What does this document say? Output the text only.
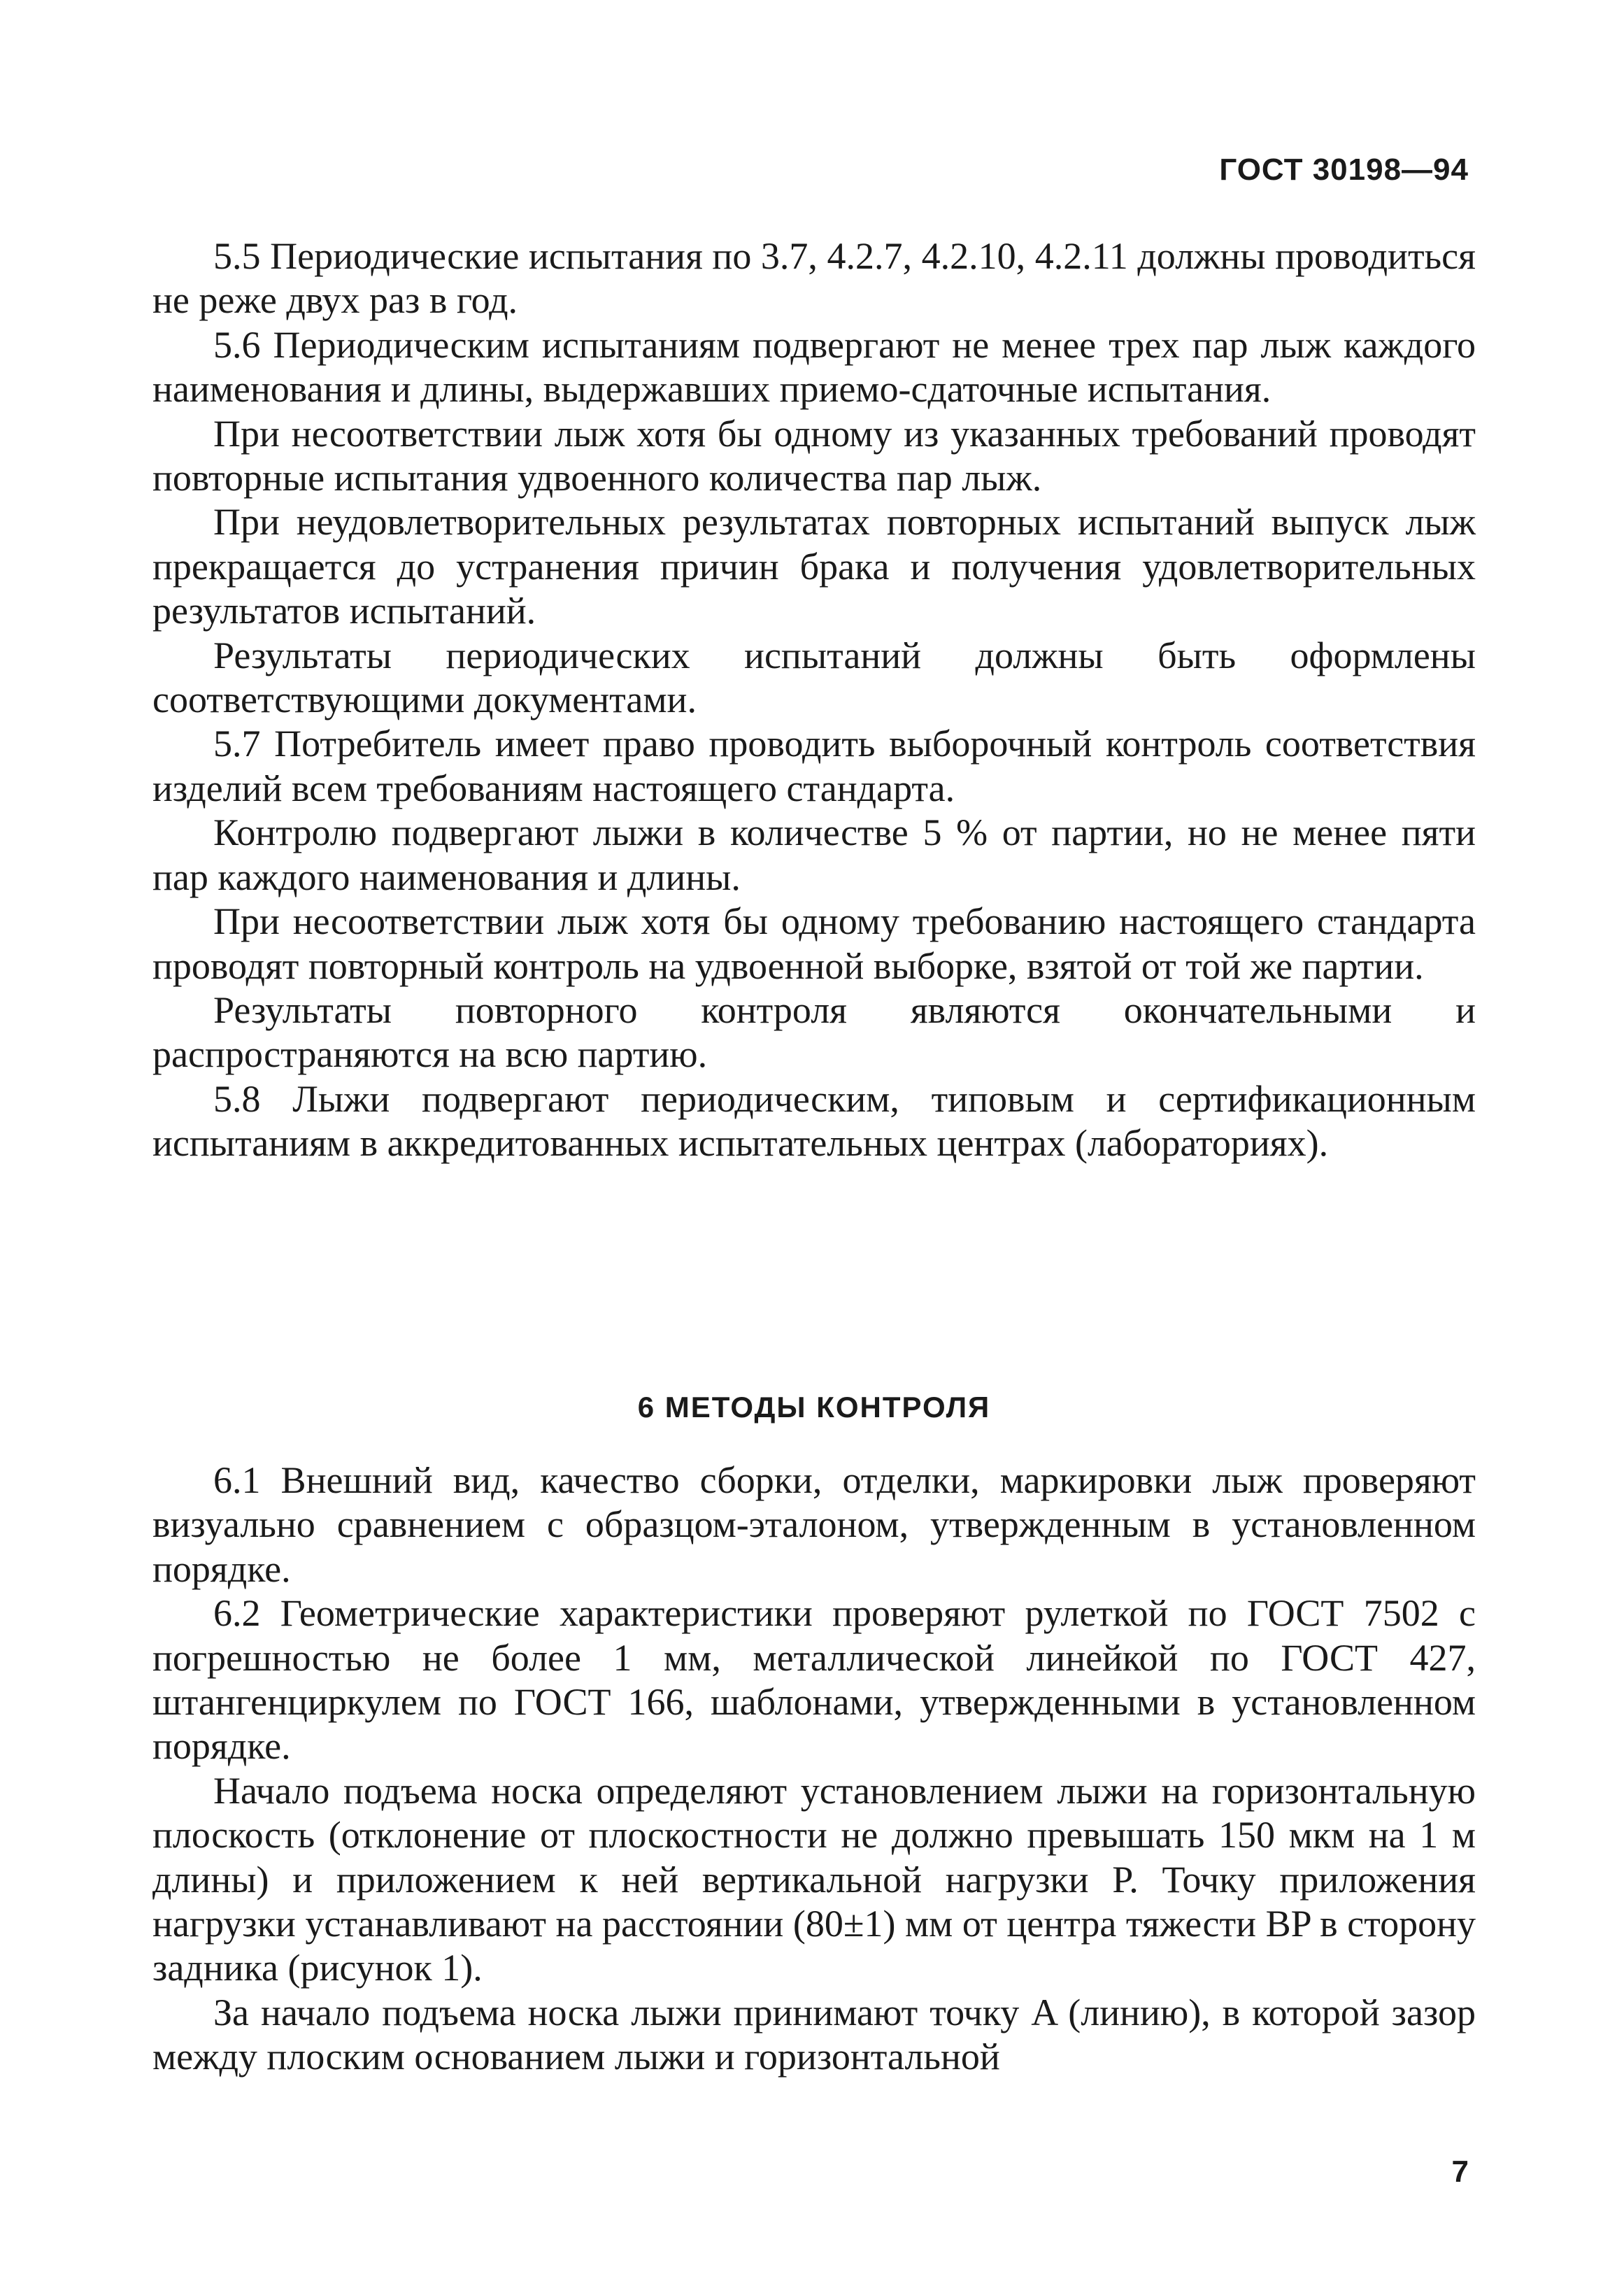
ГОСТ 30198—94

5.5 Периодические испытания по 3.7, 4.2.7, 4.2.10, 4.2.11 должны проводиться не реже двух раз в год.

5.6 Периодическим испытаниям подвергают не менее трех пар лыж каждого наименования и длины, выдержавших приемо-сдаточные испытания.

При несоответствии лыж хотя бы одному из указанных требований проводят повторные испытания удвоенного количества пар лыж.

При неудовлетворительных результатах повторных испытаний выпуск лыж прекращается до устранения причин брака и получения удовлетворительных результатов испытаний.

Результаты периодических испытаний должны быть оформлены соответствующими документами.

5.7 Потребитель имеет право проводить выборочный контроль соответствия изделий всем требованиям настоящего стандарта.

Контролю подвергают лыжи в количестве 5 % от партии, но не менее пяти пар каждого наименования и длины.

При несоответствии лыж хотя бы одному требованию настоящего стандарта проводят повторный контроль на удвоенной выборке, взятой от той же партии.

Результаты повторного контроля являются окончательными и распространяются на всю партию.

5.8 Лыжи подвергают периодическим, типовым и сертификационным испытаниям в аккредитованных испытательных центрах (лабораториях).

6 МЕТОДЫ КОНТРОЛЯ

6.1 Внешний вид, качество сборки, отделки, маркировки лыж проверяют визуально сравнением с образцом-эталоном, утвержденным в установленном порядке.

6.2 Геометрические характеристики проверяют рулеткой по ГОСТ 7502 с погрешностью не более 1 мм, металлической линейкой по ГОСТ 427, штангенциркулем по ГОСТ 166, шаблонами, утвержденными в установленном порядке.

Начало подъема носка определяют установлением лыжи на горизонтальную плоскость (отклонение от плоскостности не должно превышать 150 мкм на 1 м длины) и приложением к ней вертикальной нагрузки P. Точку приложения нагрузки устанавливают на расстоянии (80±1) мм от центра тяжести BP в сторону задника (рисунок 1).

За начало подъема носка лыжи принимают точку A (линию), в которой зазор между плоским основанием лыжи и горизонтальной

7
